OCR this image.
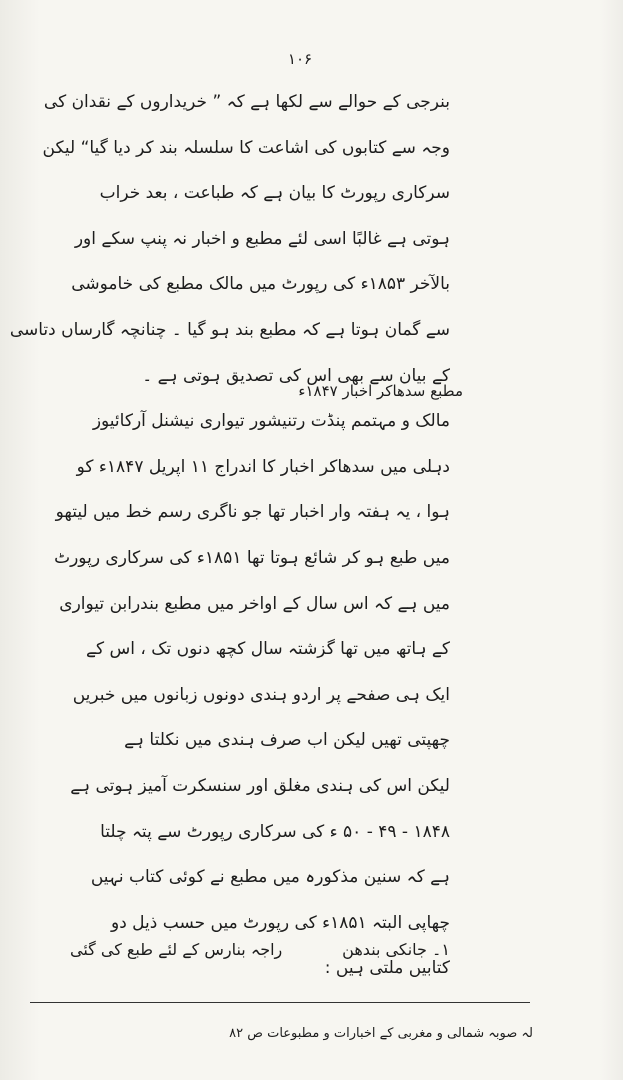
۱۰۶
بنرجی کے حوالے سے لکھا ہے کہ ” خریداروں کے نقدان کی
وجہ سے کتابوں کی اشاعت کا سلسلہ بند کر دیا گیا“ لیکن
سرکاری رپورٹ کا بیان ہے کہ طباعت ، بعد خراب
ہوتی ہے غالبًا اسی لئے مطبع و اخبار نہ پنپ سکے اور
بالآخر ۱۸۵۳ء کی رپورٹ میں مالک مطبع کی خاموشی
سے گمان ہوتا ہے کہ مطبع بند ہو گیا ۔ چنانچہ گارساں دتاسی
کے بیان سے بھی اس کی تصدیق ہوتی ہے ۔
مالک و مہتمم پنڈت رتنیشور تیواری نیشنل آرکائیوز
دہلی میں سدھاکر اخبار کا اندراج ۱۱ اپریل ۱۸۴۷ء کو
ہوا ، یہ ہفتہ وار اخبار تھا جو ناگری رسم خط میں لیتھو
میں طبع ہو کر شائع ہوتا تھا ۱۸۵۱ء کی سرکاری رپورٹ
میں ہے کہ اس سال کے اواخر میں مطبع بندرابن تیواری
کے ہاتھ میں تھا گزشتہ سال کچھ دنوں تک ، اس کے
ایک ہی صفحے پر اردو ہندی دونوں زبانوں میں خبریں
چھپتی تھیں لیکن اب صرف ہندی میں نکلتا ہے
لیکن اس کی ہندی مغلق اور سنسکرت آمیز ہوتی ہے
۱۸۴۸ - ۴۹ - ۵۰ ء کی سرکاری رپورٹ سے پتہ چلتا
ہے کہ سنین مذکورہ میں مطبع نے کوئی کتاب نہیں
چھاپی البتہ ۱۸۵۱ء کی رپورٹ میں حسب ذیل دو
کتابیں ملتی ہیں :
مطبع سدھاکر اخبار ۱۸۴۷ء
۱۔ جانکی بندھن
راجہ بنارس کے لئے طبع کی گئی
لہ صوبہ شمالی و مغربی کے اخبارات و مطبوعات ص ۸۲
